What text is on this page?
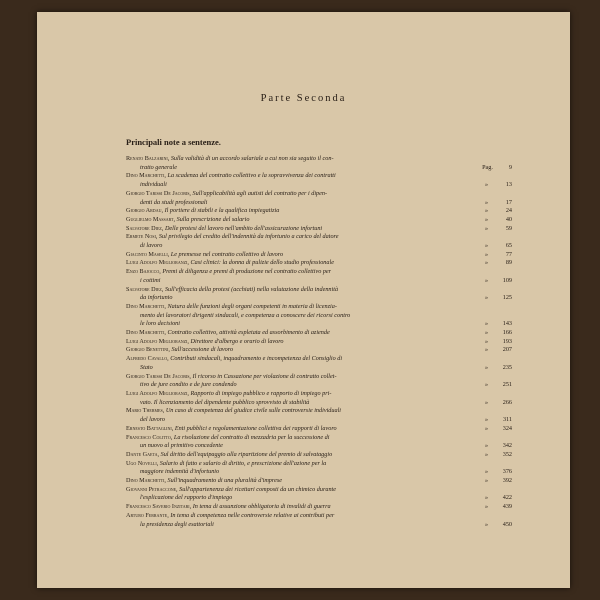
Parte Seconda
Principali note a sentenze.
Renato Balzarini, Sulla validità di un accordo salariale a cui non sia seguito il con-
tratto generale	Pag.	9
Dino Marchetti, La scadenza del contratto collettivo e la sopravvivenza dei contratti
individuali	»	13
Giorgio Tarissi De Jacobis, Sull'applicabilità agli autisti del contratto per i dipen-
denti da studi professionali	»	17
Giorgio Ardau, Il portiere di stabili e la qualifica impiegatizia	»	24
Guglielmo Massart, Sulla prescrizione del salario	»	40
Salvatore Diez, Delle protesi del lavoro nell'ambito dell'assicurazione infortuni	»	59
Ermete Nosi, Sul privilegio del credito dell'indennità da infortunio a carico del datore
di lavoro	»	65
Giacinto Maselli, Le premesse nel contratto collettivo di lavoro	»	77
Luigi Adolfo Miglioranzi, Casi clinici: la donna di pulizie dello studio professionale	»	89
Enzo Bajocco, Premi di diligenza e premi di produzione nel contratto collettivo per
i cottimi	» 109
Salvatore Diez, Sull'efficacia della protesi (acchiati) nella valutazione della indennità
da infortunio	» 125
Dino Marchetti, Natura delle funzioni degli organi competenti in materia di licenzia-
mento dei lavoratori dirigenti sindacali, e competenza a conoscere dei ricorsi contro
le loro decisioni	» 143
Dino Marchetti, Contratto collettivo, attività espletata ed assorbimento di aziende	» 166
Luigi Adolfo Miglioranzi, Direttore d'albergo e orario di lavoro	» 193
Giorgio Benettini, Sull'accessione di lavoro	» 207
Alfredo Cavallo, Contributi sindacali, inquadramento e incompetenza del Consiglio di
Stato	» 235
Giorgio Tarissi De Jacobis, Il ricorso in Cassazione per violazione di contratto collet-
tivo de jure condito e de jure condendo	» 251
Luigi Adolfo Miglioranzi, Rapporto di impiego pubblico e rapporto di impiego pri-
vato. Il licenziamento del dipendente pubblico sprovvisto di stabilità	» 266
Mario Thermes, Un caso di competenza del giudice civile sulle controversie individuali
del lavoro	» 311
Ernesto Battaglini, Enti pubblici e regolamentazione collettiva dei rapporti di lavoro	» 324
Francesco Colitto, La risoluzione del contratto di mezzadria per la successione di
un nuovo al primitivo concedente	» 342
Dante Gaeta, Sul diritto dell'equipaggio alla ripartizione del premio di salvataggio	» 352
Ugo Novelli, Salario di fatto e salario di diritto, e prescrizione dell'azione per la
maggiore indennità d'infortunio	» 376
Dino Marchetti, Sull'inquadramento di una pluralità d'imprese	» 392
Giovanni Petraccone, Sull'appartenenza dei ricettari composti da un chimico durante
l'esplicazione del rapporto d'impiego	» 422
Francesco Saverio Inzitari, In tema di assunzione obbligatoria di invalidi di guerra	» 439
Arturo Ferrante, In tema di competenza nelle controversie relative ai contributi per
la presidenza degli esattoriali	» 450
